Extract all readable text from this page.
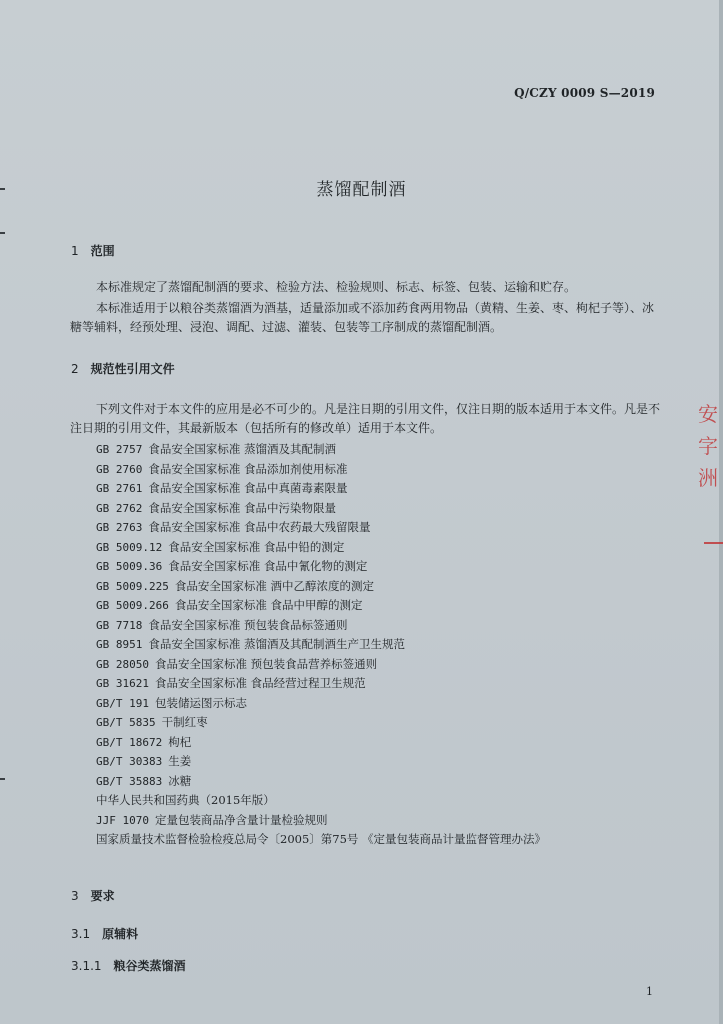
Q/CZY 0009 S—2019
蒸馏配制酒
1 范围
本标准规定了蒸馏配制酒的要求、检验方法、检验规则、标志、标签、包装、运输和贮存。
本标准适用于以粮谷类蒸馏酒为酒基，适量添加或不添加药食两用物品（黄精、生姜、枣、枸杞子等）、冰糖等辅料，经预处理、浸泡、调配、过滤、灌装、包装等工序制成的蒸馏配制酒。
2 规范性引用文件
下列文件对于本文件的应用是必不可少的。凡是注日期的引用文件，仅注日期的版本适用于本文件。凡是不注日期的引用文件，其最新版本（包括所有的修改单）适用于本文件。
GB 2757 食品安全国家标准 蒸馏酒及其配制酒
GB 2760 食品安全国家标准 食品添加剂使用标准
GB 2761 食品安全国家标准 食品中真菌毒素限量
GB 2762 食品安全国家标准 食品中污染物限量
GB 2763 食品安全国家标准 食品中农药最大残留限量
GB 5009.12 食品安全国家标准 食品中铅的测定
GB 5009.36 食品安全国家标准 食品中氰化物的测定
GB 5009.225 食品安全国家标准 酒中乙醇浓度的测定
GB 5009.266 食品安全国家标准 食品中甲醇的测定
GB 7718 食品安全国家标准 预包装食品标签通则
GB 8951 食品安全国家标准 蒸馏酒及其配制酒生产卫生规范
GB 28050 食品安全国家标准 预包装食品营养标签通则
GB 31621 食品安全国家标准 食品经营过程卫生规范
GB/T 191 包装储运图示标志
GB/T 5835 干制红枣
GB/T 18672 枸杞
GB/T 30383 生姜
GB/T 35883 冰糖
中华人民共和国药典（2015年版）
JJF 1070 定量包装商品净含量计量检验规则
国家质量技术监督检验检疫总局令〔2005〕第75号 《定量包装商品计量监督管理办法》
3 要求
3.1 原辅料
3.1.1 粮谷类蒸馏酒
1
安 字 洲
